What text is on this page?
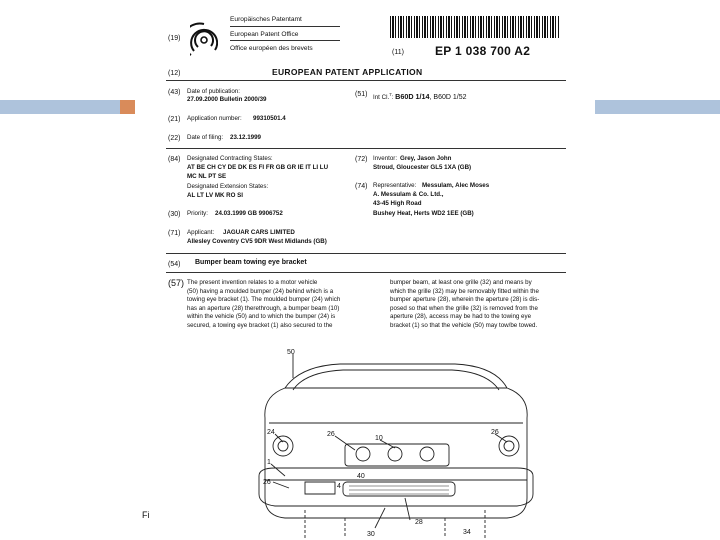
(19)
Europäisches Patentamt
European Patent Office
Office européen des brevets
(11)	EP 1 038 700 A2
(12)	EUROPEAN PATENT APPLICATION
(43) Date of publication:
27.09.2000 Bulletin 2000/39
(21) Application number: 99310501.4
(22) Date of filing: 23.12.1999
(84) Designated Contracting States:
AT BE CH CY DE DK ES FI FR GB GR IE IT LI LU
MC NL PT SE
Designated Extension States:
AL LT LV MK RO SI
(30) Priority: 24.03.1999 GB 9906752
(71) Applicant: JAGUAR CARS LIMITED
Allesley Coventry CV5 9DR West Midlands (GB)
(51) Int Cl.$^7$: B60D 1/14, B60D 1/52
(72) Inventor: Grey, Jason John
Stroud, Gloucester GL5 1XA (GB)
(74) Representative: Messulam, Alec Moses
A. Messulam & Co. Ltd.,
43-45 High Road
Bushey Heat, Herts WD2 1EE (GB)
(54) Bumper beam towing eye bracket
(57) The present invention relates to a motor vehicle
(50) having a moulded bumper (24) behind which is a
towing eye bracket (1). The moulded bumper (24) which
has an aperture (28) therethrough, a bumper beam (10)
within the vehicle (50) and to which the bumper (24) is
secured, a towing eye bracket (1) also secured to the
bumper beam, at least one grille (32) and means by
which the grille (32) may be removably fitted within the
bumper aperture (28), wherein the aperture (28) is dis-
posed so that when the grille (32) is removed from the
aperture (28), access may be had to the towing eye
bracket (1) so that the vehicle (50) may tow/be towed.
50
24	26
10
26
1
26
4
40
30
28
34
Fi
